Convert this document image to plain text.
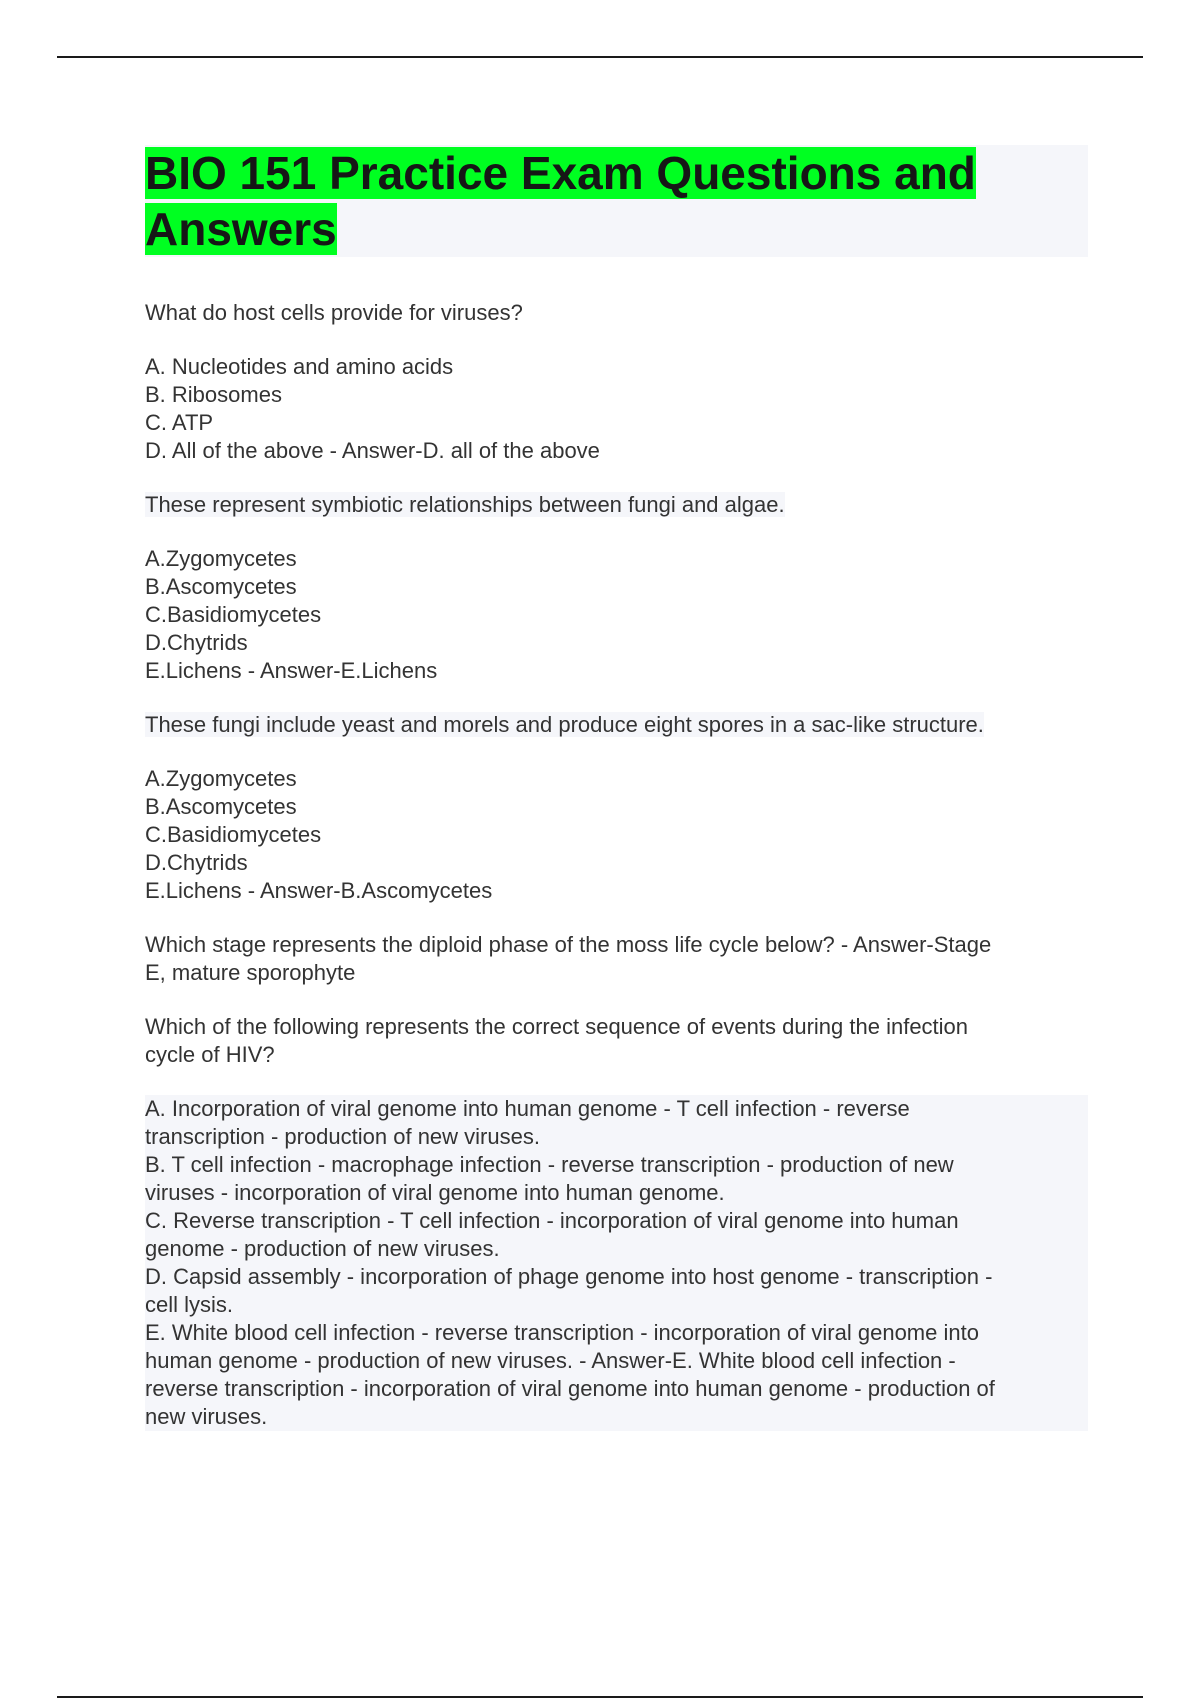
BIO 151 Practice Exam Questions and
Answers

What do host cells provide for viruses?

A. Nucleotides and amino acids
B. Ribosomes
C. ATP
D. All of the above - Answer-D. all of the above

These represent symbiotic relationships between fungi and algae.

A.Zygomycetes
B.Ascomycetes
C.Basidiomycetes
D.Chytrids
E.Lichens - Answer-E.Lichens

These fungi include yeast and morels and produce eight spores in a sac-like structure.

A.Zygomycetes
B.Ascomycetes
C.Basidiomycetes
D.Chytrids
E.Lichens - Answer-B.Ascomycetes

Which stage represents the diploid phase of the moss life cycle below? - Answer-Stage
E, mature sporophyte

Which of the following represents the correct sequence of events during the infection
cycle of HIV?

A. Incorporation of viral genome into human genome - T cell infection - reverse
transcription - production of new viruses.
B. T cell infection - macrophage infection - reverse transcription - production of new
viruses - incorporation of viral genome into human genome.
C. Reverse transcription - T cell infection - incorporation of viral genome into human
genome - production of new viruses.
D. Capsid assembly - incorporation of phage genome into host genome - transcription -
cell lysis.
E. White blood cell infection - reverse transcription - incorporation of viral genome into
human genome - production of new viruses. - Answer-E. White blood cell infection -
reverse transcription - incorporation of viral genome into human genome - production of
new viruses.
